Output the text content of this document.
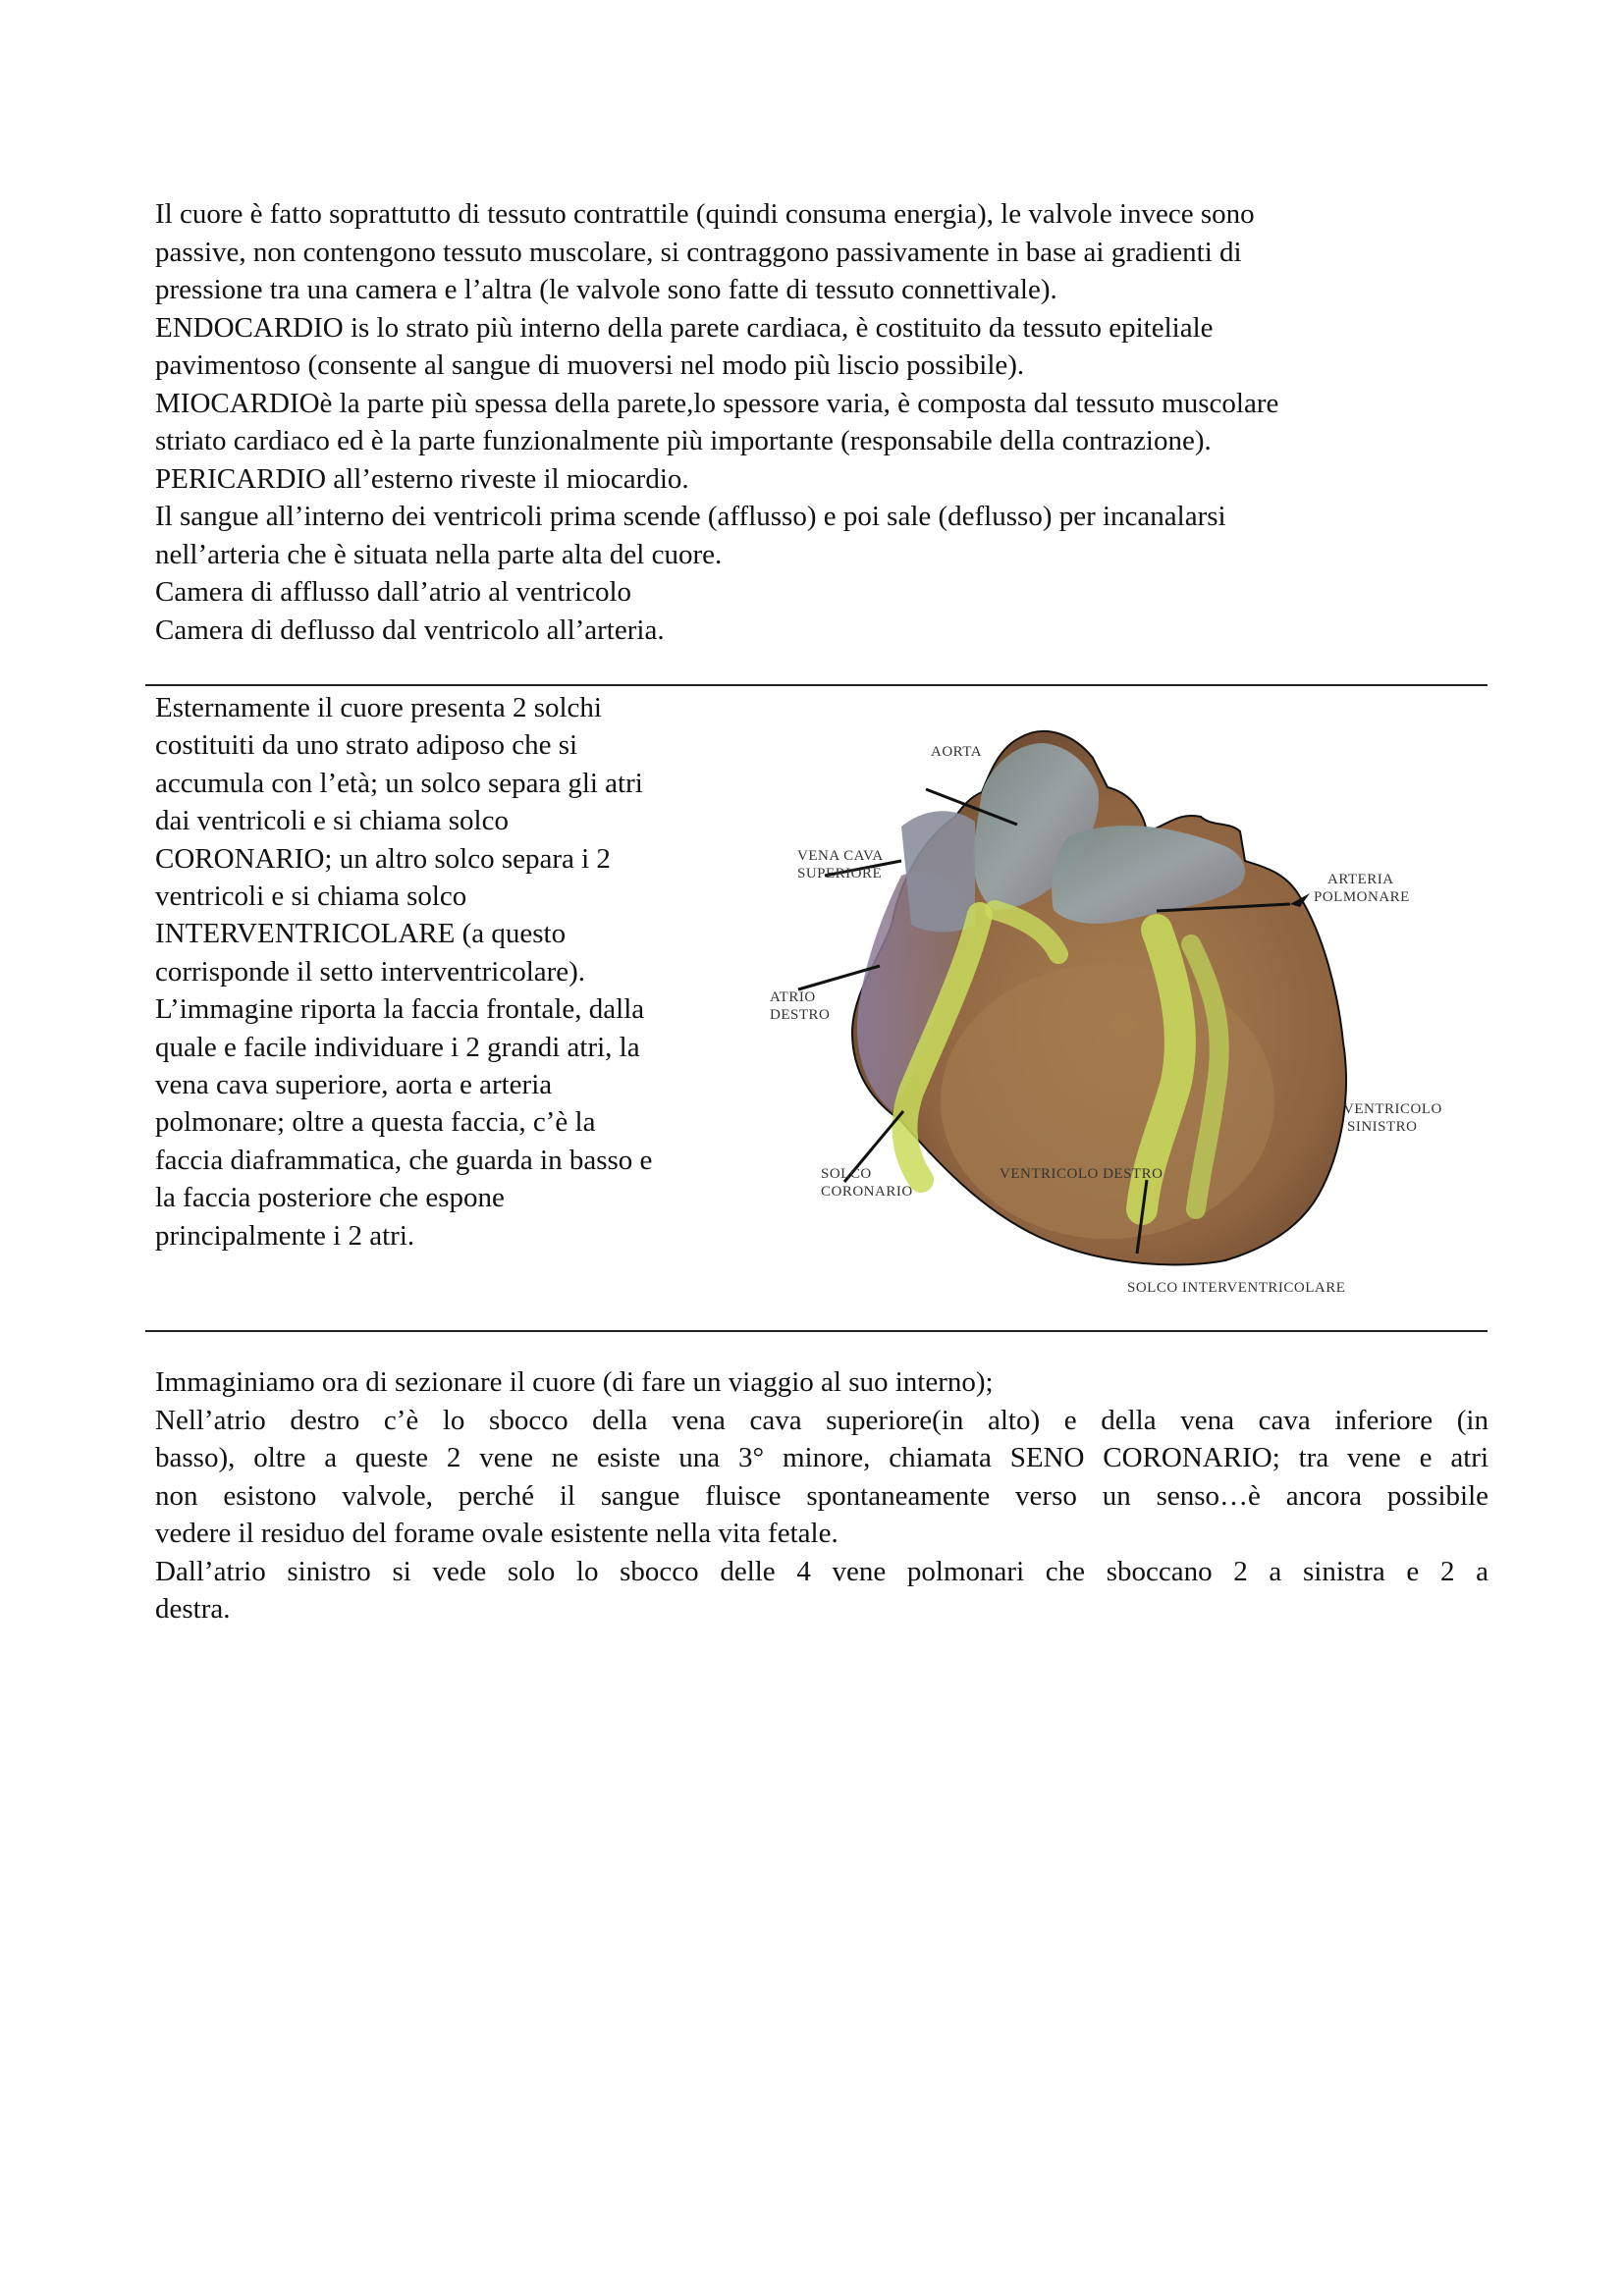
Il cuore è fatto soprattutto di tessuto contrattile (quindi consuma energia), le valvole invece sono
passive, non contengono tessuto muscolare, si contraggono passivamente in base ai gradienti di
pressione tra una camera e l’altra (le valvole sono fatte di tessuto connettivale).
ENDOCARDIO is lo strato più interno della parete cardiaca, è costituito da tessuto epiteliale
pavimentoso (consente al sangue di muoversi nel modo più liscio possibile).
MIOCARDIOè la parte più spessa della parete,lo spessore varia, è composta dal tessuto muscolare
striato cardiaco ed è la parte funzionalmente più importante (responsabile della contrazione).
PERICARDIO all’esterno riveste il miocardio.
Il sangue all’interno dei ventricoli prima scende (afflusso) e poi sale (deflusso) per incanalarsi
nell’arteria che è situata nella parte alta del cuore.
Camera di afflusso dall’atrio al ventricolo
Camera di deflusso dal ventricolo all’arteria.
Esternamente il cuore presenta 2 solchi
costituiti da uno strato adiposo che si
accumula con l’età; un solco separa gli atri
dai ventricoli e si chiama solco
CORONARIO; un altro solco separa i 2
ventricoli e si chiama solco
INTERVENTRICOLARE (a questo
corrisponde il setto interventricolare).
L’immagine riporta la faccia frontale, dalla
quale e facile individuare i 2 grandi atri, la
vena cava superiore, aorta e arteria
polmonare; oltre a questa faccia, c’è la
faccia diaframmatica, che guarda in basso e
la faccia posteriore che espone
principalmente i 2 atri.
AORTA
VENA CAVA
SUPERIORE	ARTERIA
POLMONARE
ATRIO
DESTRO
VENTRICOLO
SINISTRO
SOLCO
CORONARIO
VENTRICOLO DESTRO
SOLCO INTERVENTRICOLARE
Immaginiamo ora di sezionare il cuore (di fare un viaggio al suo interno);
Nell’atrio destro c’è lo sbocco della vena cava superiore(in alto) e della vena cava inferiore (in
basso), oltre a queste 2 vene ne esiste una 3° minore, chiamata SENO CORONARIO; tra vene e atri
non esistono valvole, perché il sangue fluisce spontaneamente verso un senso…è ancora possibile
vedere il residuo del forame ovale esistente nella vita fetale.
Dall’atrio sinistro si vede solo lo sbocco delle 4 vene polmonari che sboccano 2 a sinistra e 2 a
destra.
